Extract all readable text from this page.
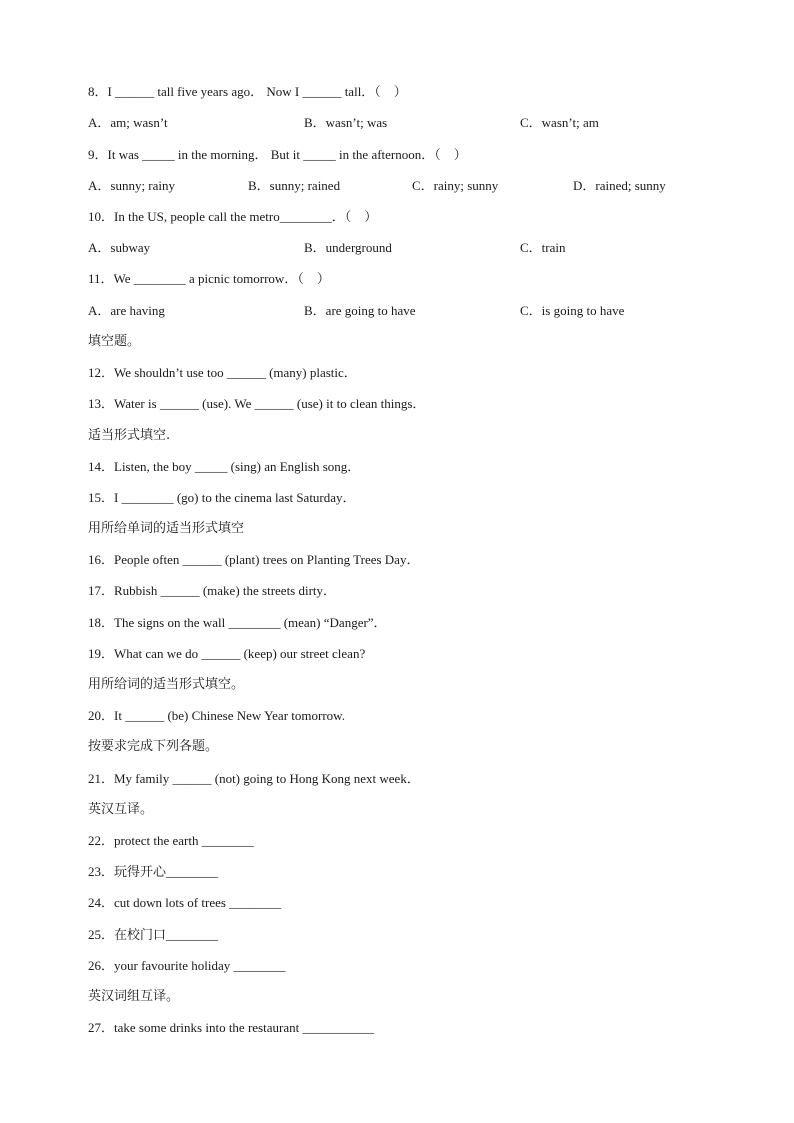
8．I ______ tall five years ago． Now I ______ tall．（　）
A．am; wasn’t	B．wasn’t; was	C．wasn’t; am
9．It was _____ in the morning． But it _____ in the afternoon．（　）
A．sunny; rainy	B．sunny; rained	C．rainy; sunny	D．rained; sunny
10．In the US, people call the metro________．（　）
A．subway	B．underground	C．train
11．We ________ a picnic tomorrow．（　）
A．are having	B．are going to have	C．is going to have
填空题。
12．We shouldn’t use too ______ (many) plastic．
13．Water is ______ (use). We ______ (use) it to clean things．
适当形式填空.
14．Listen, the boy _____ (sing) an English song．
15．I ________ (go) to the cinema last Saturday．
用所给单词的适当形式填空
16．People often ______ (plant) trees on Planting Trees Day．
17．Rubbish ______ (make) the streets dirty．
18．The signs on the wall ________ (mean) “Danger”．
19．What can we do ______ (keep) our street clean?
用所给词的适当形式填空。
20．It ______ (be) Chinese New Year tomorrow.
按要求完成下列各题。
21．My family ______ (not) going to Hong Kong next week．
英汉互译。
22．protect the earth ________
23．玩得开心________
24．cut down lots of trees ________
25．在校门口________
26．your favourite holiday ________
英汉词组互译。
27．take some drinks into the restaurant ___________
